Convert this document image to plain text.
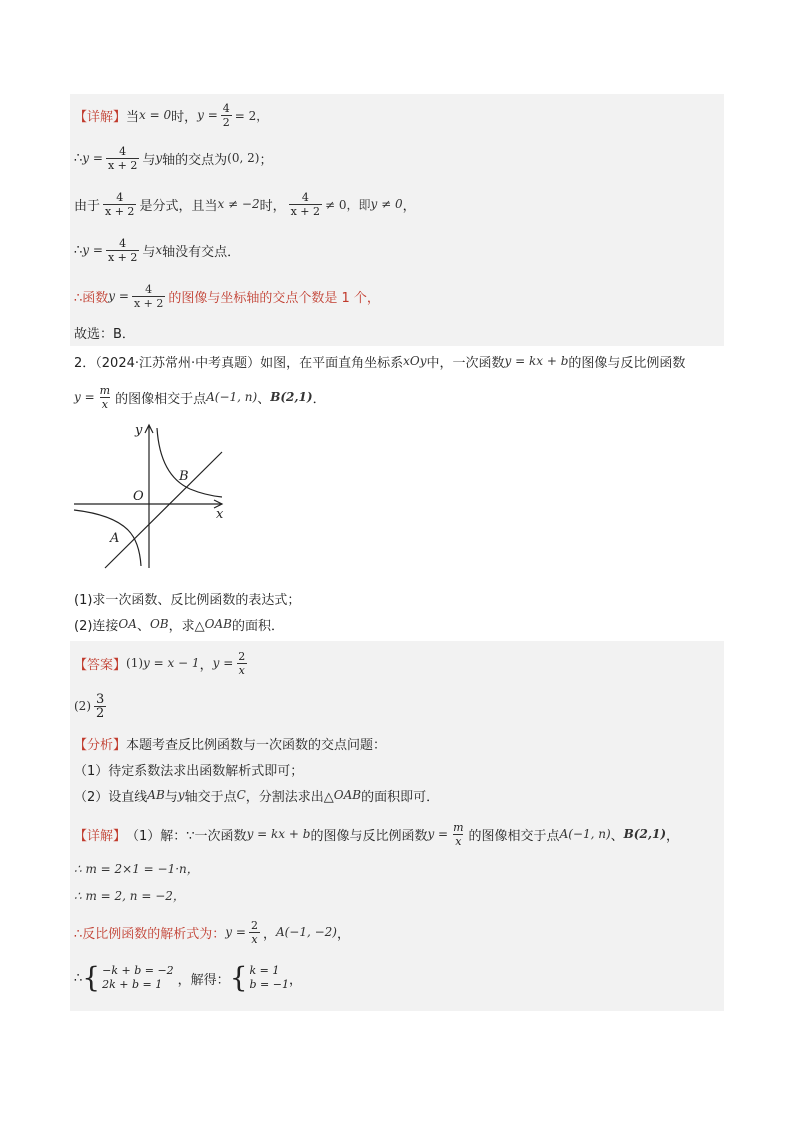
【详解】 当 x = 0 时， $y = \frac{4}{2} = 2$，
∴ $y = \frac{4}{x + 2}$ 与 y 轴的交点为 (0, 2) ；
由于 $\frac{4}{x + 2}$ 是分式，且当 x ≠ −2 时， $\frac{4}{x + 2} \ne 0$，即 y ≠ 0 ，
∴ $y = \frac{4}{x + 2}$ 与 x 轴没有交点．
∴函数 $y = \frac{4}{x + 2}$ 的图像与坐标轴的交点个数是 1 个，
故选：B．
2．（2024·江苏常州·中考真题）如图，在平面直角坐标系 xOy 中，一次函数 y = kx + b 的图像与反比例函数
$y = \frac{m}{x}$ 的图像相交于点 A(−1, n) 、 B(2,1) ．
y
B
O
x
A
(1)求一次函数、反比例函数的表达式；
(2)连接 OA 、 OB ，求△ OAB 的面积．
【答案】 (1) y = x − 1 ， $y = \frac{2}{x}$
$(2) \frac{3}{2}$
【分析】 本题考查反比例函数与一次函数的交点问题：
（1）待定系数法求出函数解析式即可；
（2）设直线 AB 与 y 轴交于点 C ，分割法求出△ OAB 的面积即可．
【详解】 （1）解：∵一次函数 y = kx + b 的图像与反比例函数 $y = \frac{m}{x}$ 的图像相交于点 A(−1, n) 、 B(2,1) ，
∴ m = 2×1 = −1·n，
∴ m = 2, n = −2，
∴反比例函数的解析式为： $y = \frac{2}{x}$ ， A(−1, −2) ，
∴ { −k + b = −2
2k + b = 1	，解得： { k = 1
b = −1 ，
